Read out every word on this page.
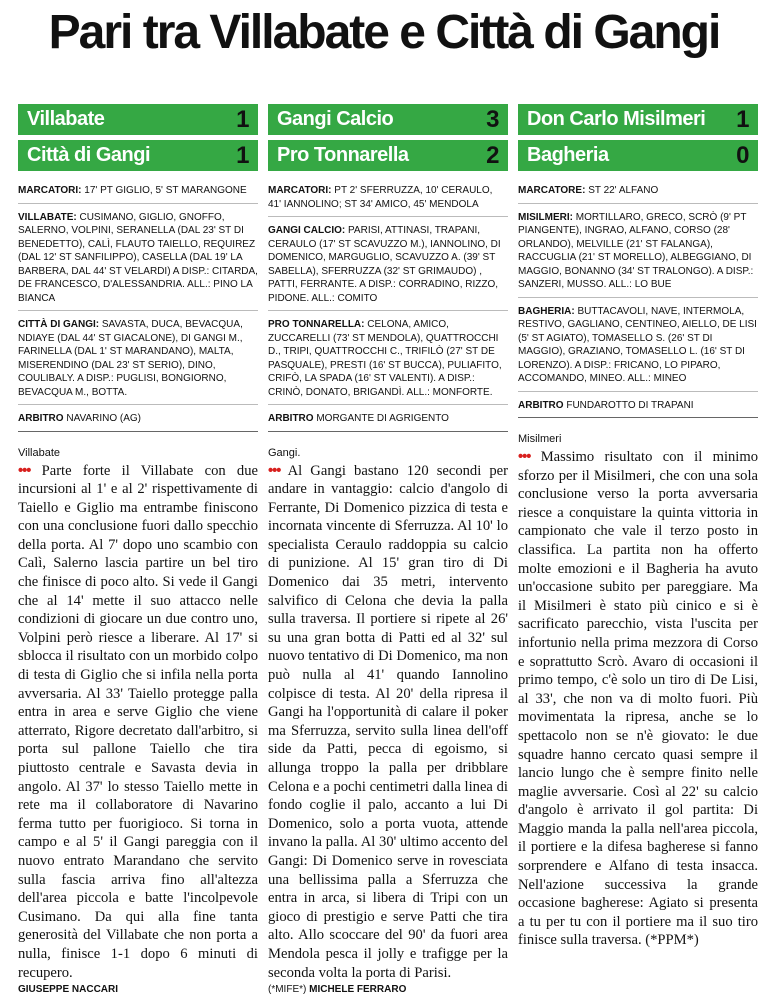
Pari tra Villabate e Città di Gangi
Villabate	1
Città di Gangi	1
MARCATORI: 17' PT GIGLIO, 5' ST MARANGONE
VILLABATE: CUSIMANO, GIGLIO, GNOFFO, SALERNO, VOLPINI, SERANELLA (DAL 23' ST DI BENEDETTO), CALÌ, FLAUTO TAIELLO, REQUIREZ (DAL 12' ST SANFILIPPO), CASELLA (DAL 19' LA BARBERA, DAL 44' ST VELARDI) A DISP.: CITARDA, DE FRANCESCO, D'ALESSANDRIA. ALL.: PINO LA BIANCA
CITTÀ DI GANGI: SAVASTA, DUCA, BEVACQUA, NDIAYE (DAL 44' ST GIACALONE), DI GANGI M., FARINELLA (DAL 1' ST MARANDANO), MALTA, MISERENDINO (DAL 23' ST SERIO), DINO, COULIBALY. A DISP.: PUGLISI, BONGIORNO, BEVACQUA M., BOTTA.
ARBITRO NAVARINO (AG)
Villabate
••• Parte forte il Villabate con due incursioni al 1' e al 2' rispettivamente di Taiello e Giglio ma entrambe finiscono con una conclusione fuori dallo specchio della porta. Al 7' dopo uno scambio con Calì, Salerno lascia partire un bel tiro che finisce di poco alto. Si vede il Gangi che al 14' mette il suo attacco nelle condizioni di giocare un due contro uno, Volpini però riesce a liberare. Al 17' si sblocca il risultato con un morbido colpo di testa di Giglio che si infila nella porta avversaria. Al 33' Taiello protegge palla entra in area e serve Giglio che viene atterrato, Rigore decretato dall'arbitro, si porta sul pallone Taiello che tira piuttosto centrale e Savasta devia in angolo. Al 37' lo stesso Taiello mette in rete ma il collaboratore di Navarino ferma tutto per fuorigioco. Si torna in campo e al 5' il Gangi pareggia con il nuovo entrato Marandano che servito sulla fascia arriva fino all'altezza dell'area piccola e batte l'incolpevole Cusimano. Da qui alla fine tanta generosità del Villabate che non porta a nulla, finisce 1-1 dopo 6 minuti di recupero.
GIUSEPPE NACCARI
Gangi Calcio	3
Pro Tonnarella	2
MARCATORI: PT 2' SFERRUZZA, 10' CERAULO, 41' IANNOLINO; ST 34' AMICO, 45' MENDOLA
GANGI CALCIO: PARISI, ATTINASI, TRAPANI, CERAULO (17' ST SCAVUZZO M.), IANNOLINO, DI DOMENICO, MARGUGLIO, SCAVUZZO A. (39' ST SABELLA), SFERRUZZA (32' ST GRIMAUDO) , PATTI, FERRANTE. A DISP.: CORRADINO, RIZZO, PIDONE. ALL.: COMITO
PRO TONNARELLA: CELONA, AMICO, ZUCCARELLI (73' ST MENDOLA), QUATTROCCHI D., TRIPI, QUATTROCCHI C., TRIFILÒ (27' ST DE PASQUALE), PRESTI (16' ST BUCCA), PULIAFITO, CRIFÒ, LA SPADA (16' ST VALENTI). A DISP.: CRINÒ, DONATO, BRIGANDÌ. ALL.: MONFORTE.
ARBITRO MORGANTE DI AGRIGENTO
Gangi.
••• Al Gangi bastano 120 secondi per andare in vantaggio: calcio d'angolo di Ferrante, Di Domenico pizzica di testa e incornata vincente di Sferruzza. Al 10' lo specialista Ceraulo raddoppia su calcio di punizione. Al 15' gran tiro di Di Domenico dai 35 metri, intervento salvifico di Celona che devia la palla sulla traversa. Il portiere si ripete al 26' su una gran botta di Patti ed al 32' sul nuovo tentativo di Di Domenico, ma non può nulla al 41' quando Iannolino colpisce di testa. Al 20' della ripresa il Gangi ha l'opportunità di calare il poker ma Sferruzza, servito sulla linea dell'off side da Patti, pecca di egoismo, si allunga troppo la palla per dribblare Celona e a pochi centimetri dalla linea di fondo coglie il palo, accanto a lui Di Domenico, solo a porta vuota, attende invano la palla. Al 30' ultimo accento del Gangi: Di Domenico serve in rovesciata una bellissima palla a Sferruzza che entra in arca, si libera di Tripi con un gioco di prestigio e serve Patti che tira alto. Allo scoccare del 90' da fuori area Mendola pesca il jolly e trafigge per la seconda volta la porta di Parisi.
(*MIFE*) MICHELE FERRARO
Don Carlo Misilmeri 1
Bagheria	0
MARCATORE: ST 22' ALFANO
MISILMERI: MORTILLARO, GRECO, SCRÒ (9' PT PIANGENTE), INGRAO, ALFANO, CORSO (28' ORLANDO), MELVILLE (21' ST FALANGA), RACCUGLIA (21' ST MORELLO), ALBEGGIANO, DI MAGGIO, BONANNO (34' ST TRALONGO). A DISP.: SANZERI, MUSSO. ALL.: LO BUE
BAGHERIA: BUTTACAVOLI, NAVE, INTERMOLA, RESTIVO, GAGLIANO, CENTINEO, AIELLO, DE LISI (5' ST AGIATO), TOMASELLO S. (26' ST DI MAGGIO), GRAZIANO, TOMASELLO L. (16' ST DI LORENZO). A DISP.: FRICANO, LO PIPARO, ACCOMANDO, MINEO. ALL.: MINEO
ARBITRO FUNDAROTTO DI TRAPANI
Misilmeri
••• Massimo risultato con il minimo sforzo per il Misilmeri, che con una sola conclusione verso la porta avversaria riesce a conquistare la quinta vittoria in campionato che vale il terzo posto in classifica. La partita non ha offerto molte emozioni e il Bagheria ha avuto un'occasione subito per pareggiare. Ma il Misilmeri è stato più cinico e si è sacrificato parecchio, vista l'uscita per infortunio nella prima mezzora di Corso e soprattutto Scrò. Avaro di occasioni il primo tempo, c'è solo un tiro di De Lisi, al 33', che non va di molto fuori. Più movimentata la ripresa, anche se lo spettacolo non se n'è giovato: le due squadre hanno cercato quasi sempre il lancio lungo che è sempre finito nelle maglie avversarie. Così al 22' su calcio d'angolo è arrivato il gol partita: Di Maggio manda la palla nell'area piccola, il portiere e la difesa bagherese si fanno sorprendere e Alfano di testa insacca. Nell'azione successiva la grande occasione bagherese: Agiato si presenta a tu per tu con il portiere ma il suo tiro finisce sulla traversa. (*PPM*)
